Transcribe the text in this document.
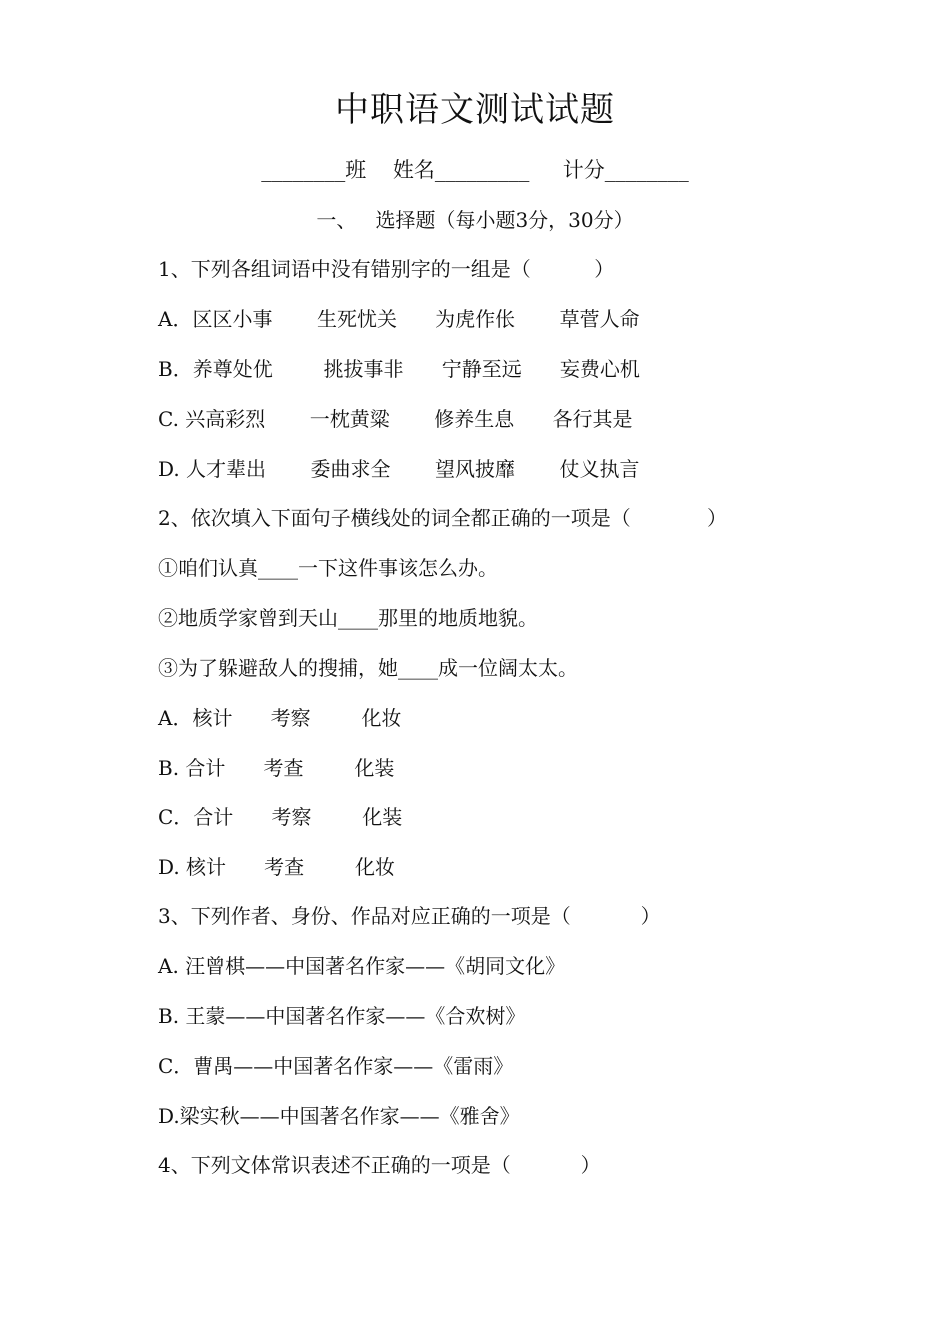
中职语文测试试题
________班    姓名_________     计分________
一、   选择题（每小题3分，30分）
1、下列各组词语中没有错别字的一组是（          ）
A．区区小事       生死忧关      为虎作伥       草菅人命
B．养尊处优        挑拔事非      宁静至远      妄费心机
C. 兴高彩烈       一枕黄粱       修养生息      各行其是
D. 人才辈出       委曲求全       望风披靡       仗义执言
2、依次填入下面句子横线处的词全都正确的一项是（            ）
①咱们认真____一下这件事该怎么办。
②地质学家曾到天山____那里的地质地貌。
③为了躲避敌人的搜捕，她____成一位阔太太。
A．核计      考察        化妆
B. 合计      考查        化装
C．合计      考察        化装
D. 核计      考查        化妆
3、下列作者、身份、作品对应正确的一项是（           ）
A. 汪曾棋——中国著名作家——《胡同文化》
B. 王蒙——中国著名作家——《合欢树》
C．曹禺——中国著名作家——《雷雨》
D.梁实秋——中国著名作家——《雅舍》
4、下列文体常识表述不正确的一项是（           ）
